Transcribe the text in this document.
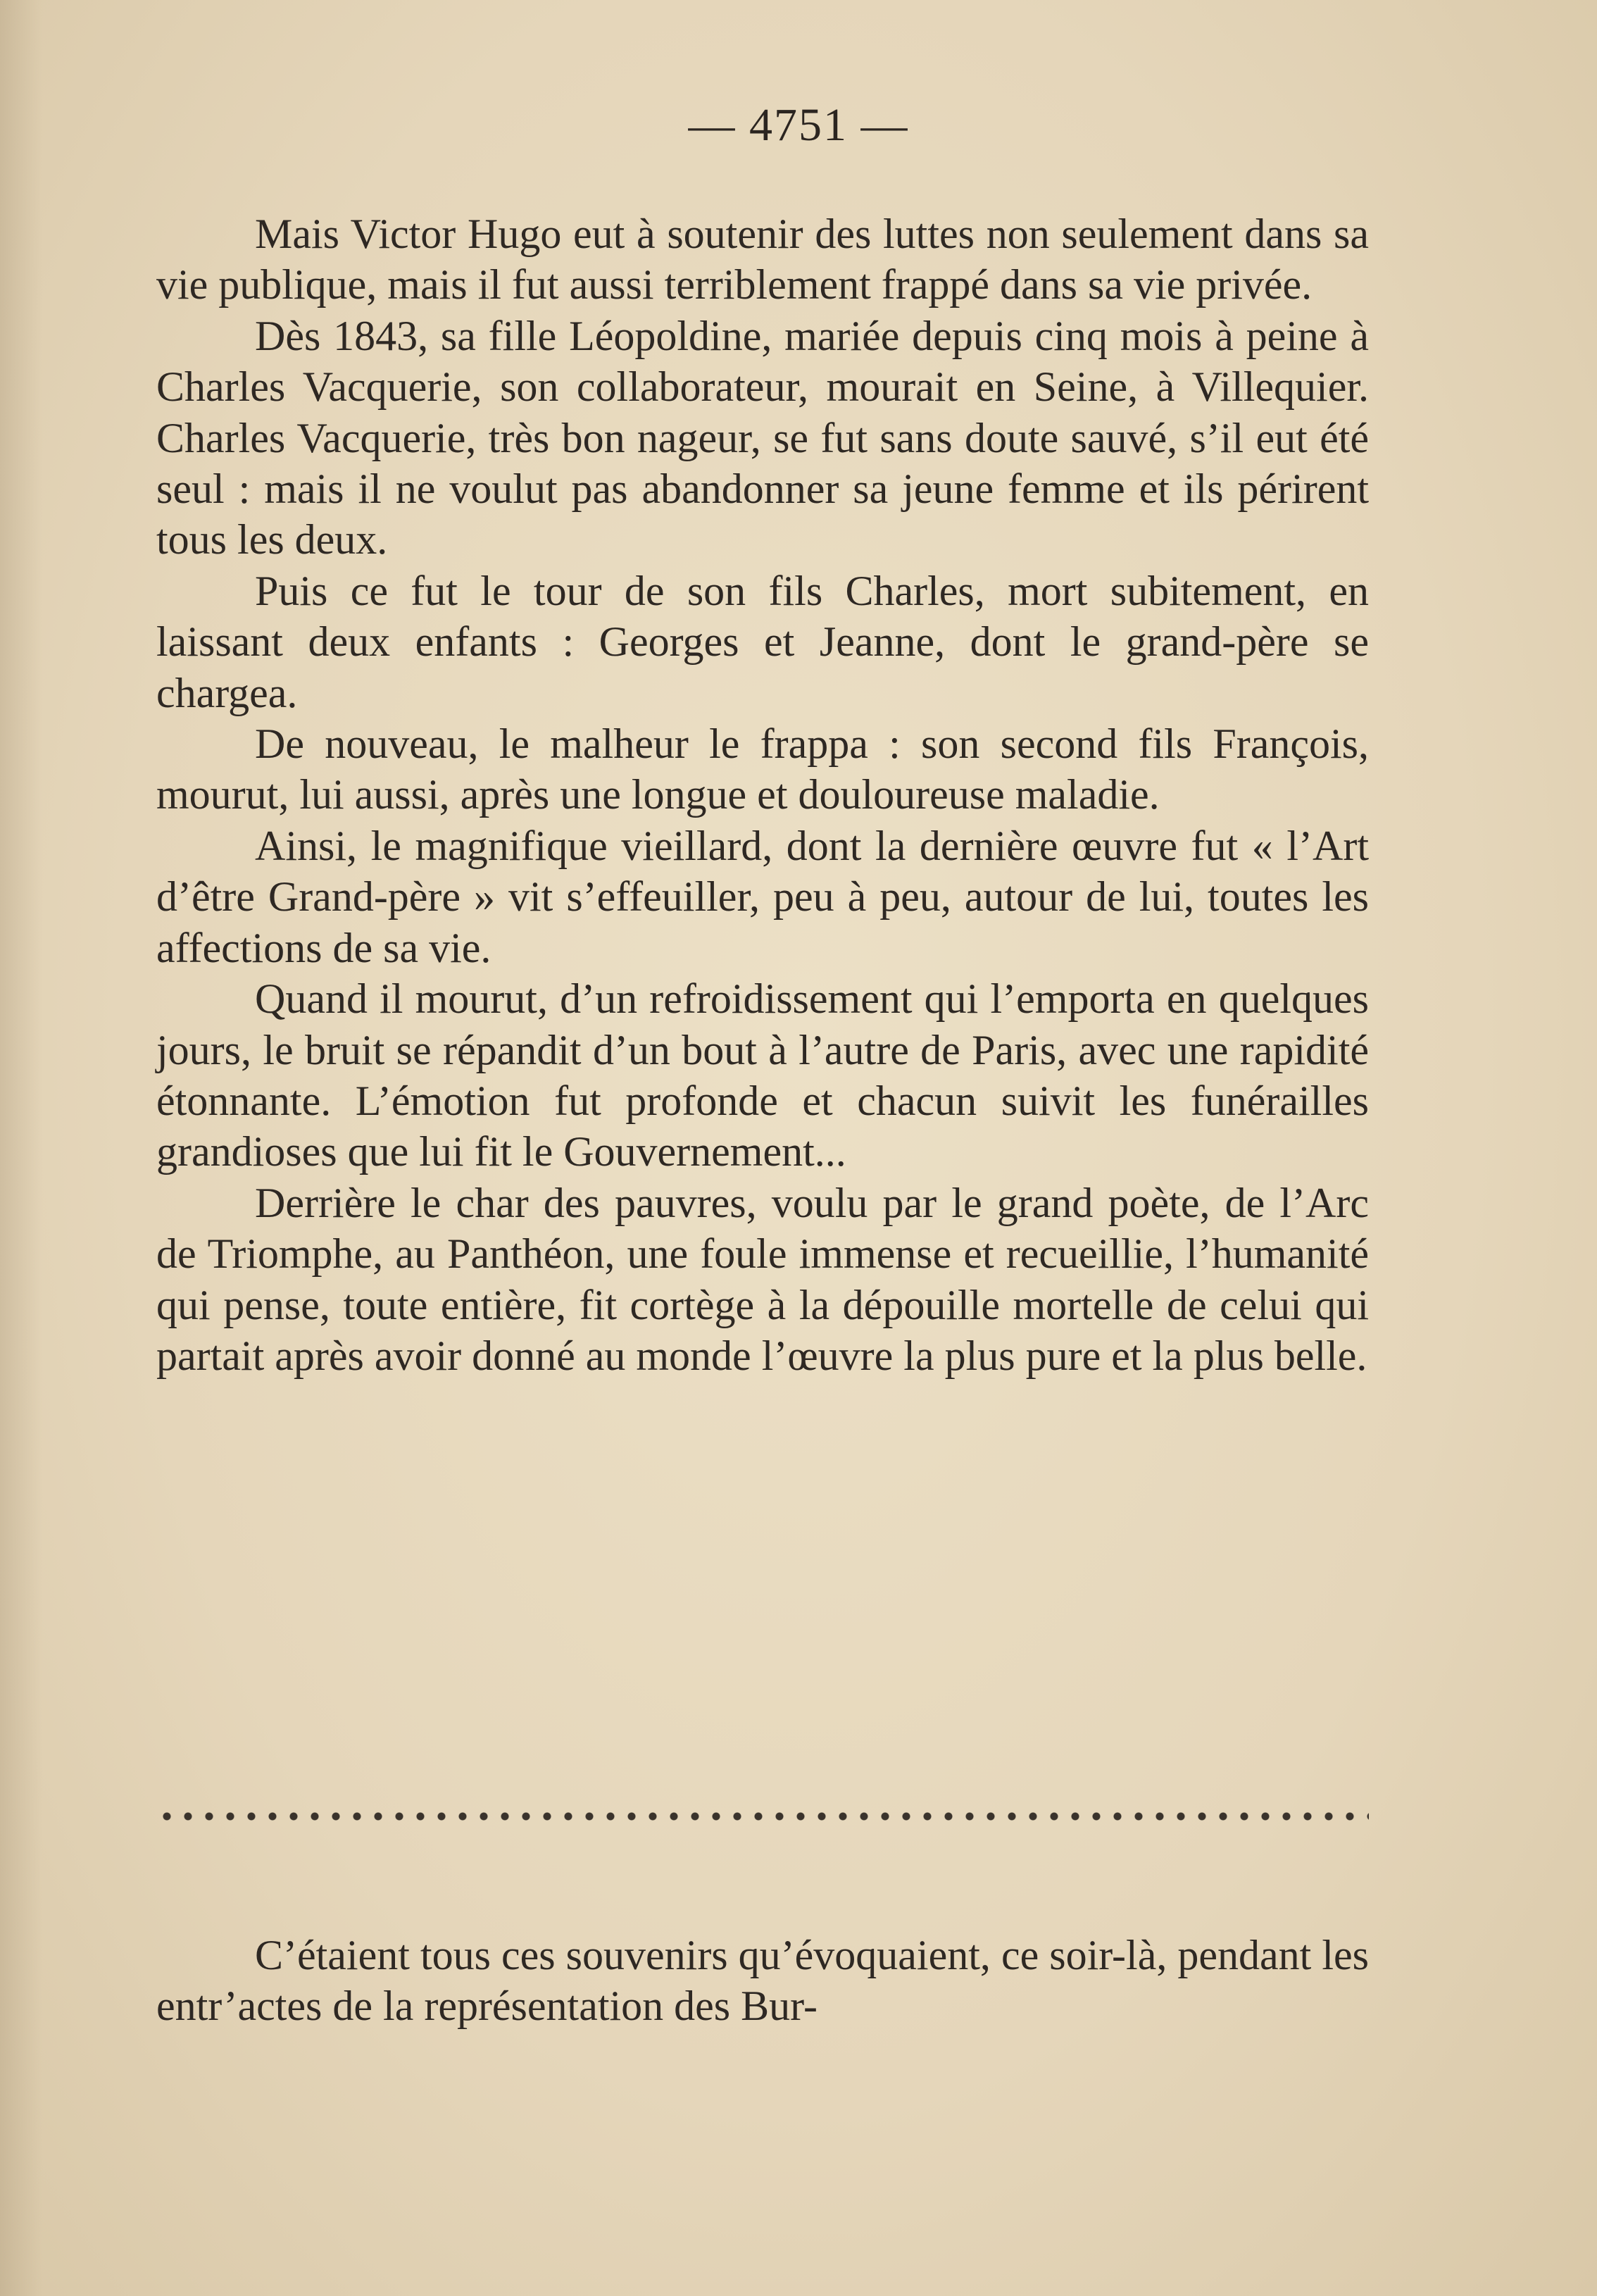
— 4751 —

Mais Victor Hugo eut à soutenir des luttes non seulement dans sa vie publique, mais il fut aussi terriblement frappé dans sa vie privée.

Dès 1843, sa fille Léopoldine, mariée depuis cinq mois à peine à Charles Vacquerie, son collaborateur, mourait en Seine, à Villequier. Charles Vacquerie, très bon nageur, se fut sans doute sauvé, s’il eut été seul : mais il ne voulut pas abandonner sa jeune femme et ils périrent tous les deux.

Puis ce fut le tour de son fils Charles, mort subitement, en laissant deux enfants : Georges et Jeanne, dont le grand-père se chargea.

De nouveau, le malheur le frappa : son second fils François, mourut, lui aussi, après une longue et douloureuse maladie.

Ainsi, le magnifique vieillard, dont la dernière œuvre fut « l’Art d’être Grand-père » vit s’effeuiller, peu à peu, autour de lui, toutes les affections de sa vie.

Quand il mourut, d’un refroidissement qui l’emporta en quelques jours, le bruit se répandit d’un bout à l’autre de Paris, avec une rapidité étonnante. L’émotion fut profonde et chacun suivit les funérailles grandioses que lui fit le Gouvernement...

Derrière le char des pauvres, voulu par le grand poète, de l’Arc de Triomphe, au Panthéon, une foule immense et recueillie, l’humanité qui pense, toute entière, fit cortège à la dépouille mortelle de celui qui partait après avoir donné au monde l’œuvre la plus pure et la plus belle.

C’étaient tous ces souvenirs qu’évoquaient, ce soir-là, pendant les entr’actes de la représentation des Bur-
